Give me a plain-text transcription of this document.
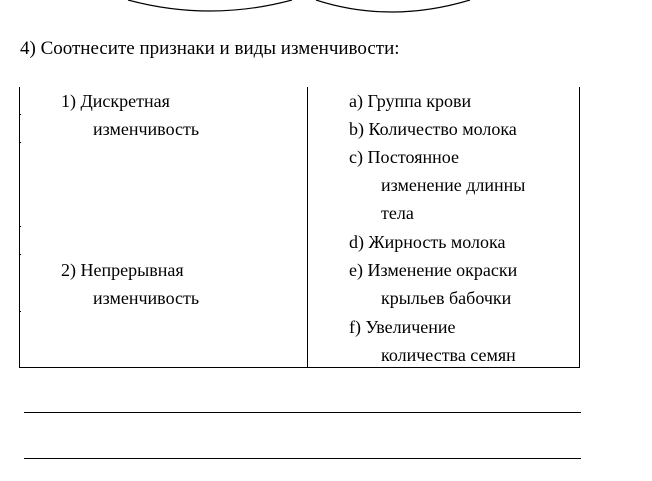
4) Соотнесите признаки и виды изменчивости:
1) Дискретная
изменчивость
2) Непрерывная
изменчивость
a) Группа крови
b) Количество молока
c) Постоянное
изменение длинны
тела
d) Жирность молока
e) Изменение окраски
крыльев бабочки
f) Увеличение
количества семян
